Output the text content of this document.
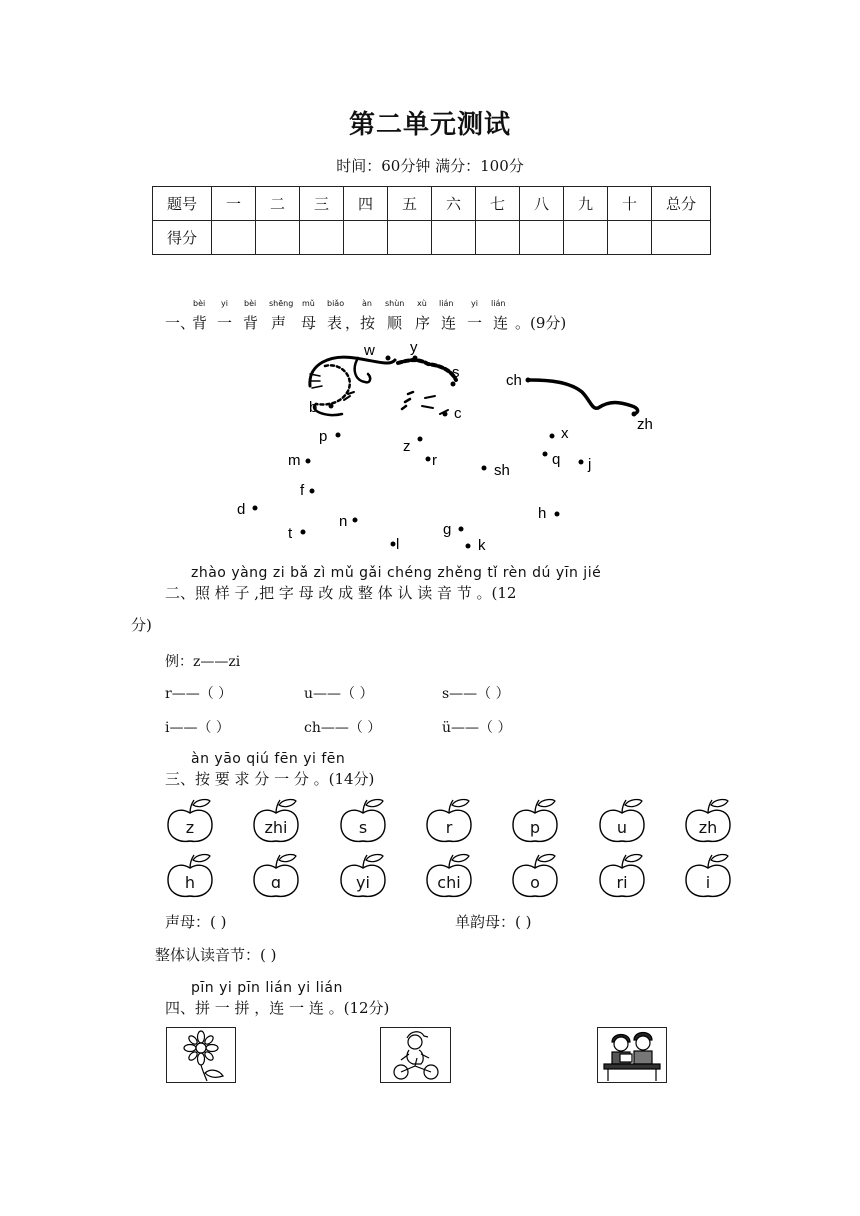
第二单元测试
时间：60分钟 满分：100分
题号	一	二	三	四	五	六	七	八	九	十	总分
得分											
一、
背
bèi
一
yi
背
bèi
声
shēng
母
mǔ
表
biǎo
，按
àn
顺
shùn
序
xù
连
lián
一
yi
连
lián
。(9分)
w y
s
b	c
p
z
r
m
f
d
t
n
l
g
k
sh
ch
zh
x
q j
h
zhào yàng zi bǎ zì mǔ gǎi chéng zhěng tǐ rèn dú yīn jié
二、照 样 子 ,把 字 母 改 成 整 体 认 读 音 节 。(12
分)
例：z——zi
r——（ ）	u——（ ）	s——（ ）
i——（ ）	ch——（ ）	ü——（ ）
àn yāo qiú fēn yi fēn
三、按 要 求 分 一 分 。(14分)
z	zhi	s	r	p	u	zh
h	ɑ	yi	chi	o	ri	i
声母：( )	单韵母：( )
整体认读音节：( )
pīn yi pīn lián yi lián
四、拼 一 拼 ，连 一 连 。(12分)
